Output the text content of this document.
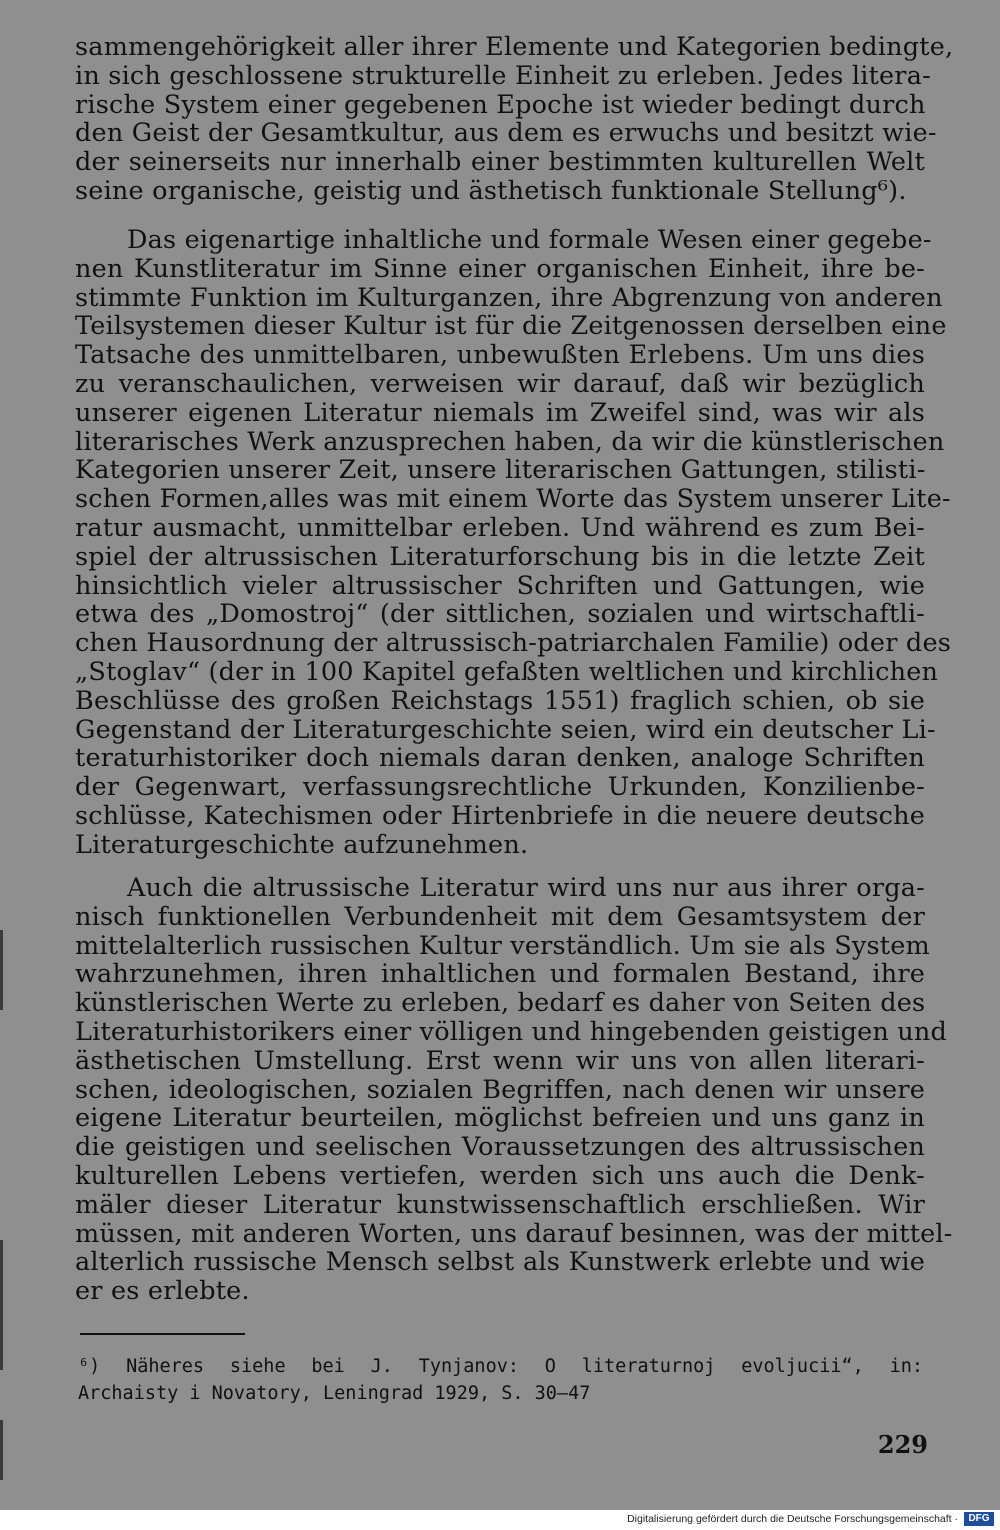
sammengehörigkeit aller ihrer Elemente und Kategorien bedingte,
in sich geschlossene strukturelle Einheit zu erleben. Jedes litera-
rische System einer gegebenen Epoche ist wieder bedingt durch
den Geist der Gesamtkultur, aus dem es erwuchs und besitzt wie-
der seinerseits nur innerhalb einer bestimmten kulturellen Welt
seine organische, geistig und ästhetisch funktionale Stellung⁶).
Das eigenartige inhaltliche und formale Wesen einer gegebe-
nen Kunstliteratur im Sinne einer organischen Einheit, ihre be-
stimmte Funktion im Kulturganzen, ihre Abgrenzung von anderen
Teilsystemen dieser Kultur ist für die Zeitgenossen derselben eine
Tatsache des unmittelbaren, unbewußten Erlebens. Um uns dies
zu veranschaulichen, verweisen wir darauf, daß wir bezüglich
unserer eigenen Literatur niemals im Zweifel sind, was wir als
literarisches Werk anzusprechen haben, da wir die künstlerischen
Kategorien unserer Zeit, unsere literarischen Gattungen, stilisti-
schen Formen,alles was mit einem Worte das System unserer Lite-
ratur ausmacht, unmittelbar erleben. Und während es zum Bei-
spiel der altrussischen Literaturforschung bis in die letzte Zeit
hinsichtlich vieler altrussischer Schriften und Gattungen, wie
etwa des „Domostroj“ (der sittlichen, sozialen und wirtschaftli-
chen Hausordnung der altrussisch-patriarchalen Familie) oder des
„Stoglav“ (der in 100 Kapitel gefaßten weltlichen und kirchlichen
Beschlüsse des großen Reichstags 1551) fraglich schien, ob sie
Gegenstand der Literaturgeschichte seien, wird ein deutscher Li-
teraturhistoriker doch niemals daran denken, analoge Schriften
der Gegenwart, verfassungsrechtliche Urkunden, Konzilienbe-
schlüsse, Katechismen oder Hirtenbriefe in die neuere deutsche
Literaturgeschichte aufzunehmen.
Auch die altrussische Literatur wird uns nur aus ihrer orga-
nisch funktionellen Verbundenheit mit dem Gesamtsystem der
mittelalterlich russischen Kultur verständlich. Um sie als System
wahrzunehmen, ihren inhaltlichen und formalen Bestand, ihre
künstlerischen Werte zu erleben, bedarf es daher von Seiten des
Literaturhistorikers einer völligen und hingebenden geistigen und
ästhetischen Umstellung. Erst wenn wir uns von allen literari-
schen, ideologischen, sozialen Begriffen, nach denen wir unsere
eigene Literatur beurteilen, möglichst befreien und uns ganz in
die geistigen und seelischen Voraussetzungen des altrussischen
kulturellen Lebens vertiefen, werden sich uns auch die Denk-
mäler dieser Literatur kunstwissenschaftlich erschließen. Wir
müssen, mit anderen Worten, uns darauf besinnen, was der mittel-
alterlich russische Mensch selbst als Kunstwerk erlebte und wie
er es erlebte.
⁶) Näheres siehe bei J. Tynjanov: O literaturnoj evoljucii“, in:
Archaisty i Novatory, Leningrad 1929, S. 30—47
229
Digitalisierung gefördert durch die Deutsche Forschungsgemeinschaft ·	DFG
